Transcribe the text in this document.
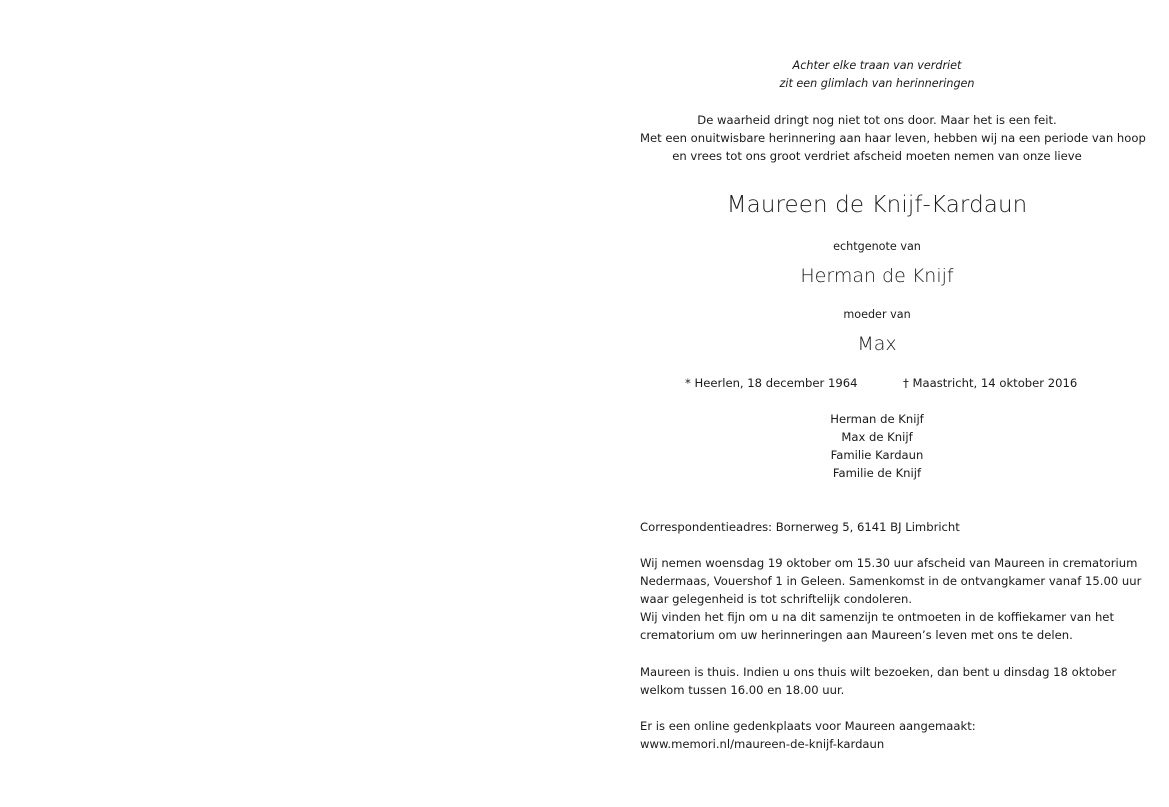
Achter elke traan van verdriet
zit een glimlach van herinneringen
De waarheid dringt nog niet tot ons door. Maar het is een feit.
Met een onuitwisbare herinnering aan haar leven, hebben wij na een periode van hoop
en vrees tot ons groot verdriet afscheid moeten nemen van onze lieve
Maureen de Knijf-Kardaun
echtgenote van
Herman de Knijf
moeder van
Max
* Heerlen, 18 december 1964	† Maastricht, 14 oktober 2016
Herman de Knijf
Max de Knijf
Familie Kardaun
Familie de Knijf
Correspondentieadres: Bornerweg 5, 6141 BJ Limbricht
Wij nemen woensdag 19 oktober om 15.30 uur afscheid van Maureen in crematorium
Nedermaas, Vouershof 1 in Geleen. Samenkomst in de ontvangkamer vanaf 15.00 uur
waar gelegenheid is tot schriftelijk condoleren.
Wij vinden het fijn om u na dit samenzijn te ontmoeten in de koffiekamer van het
crematorium om uw herinneringen aan Maureen’s leven met ons te delen.
Maureen is thuis. Indien u ons thuis wilt bezoeken, dan bent u dinsdag 18 oktober
welkom tussen 16.00 en 18.00 uur.
Er is een online gedenkplaats voor Maureen aangemaakt:
www.memori.nl/maureen-de-knijf-kardaun
